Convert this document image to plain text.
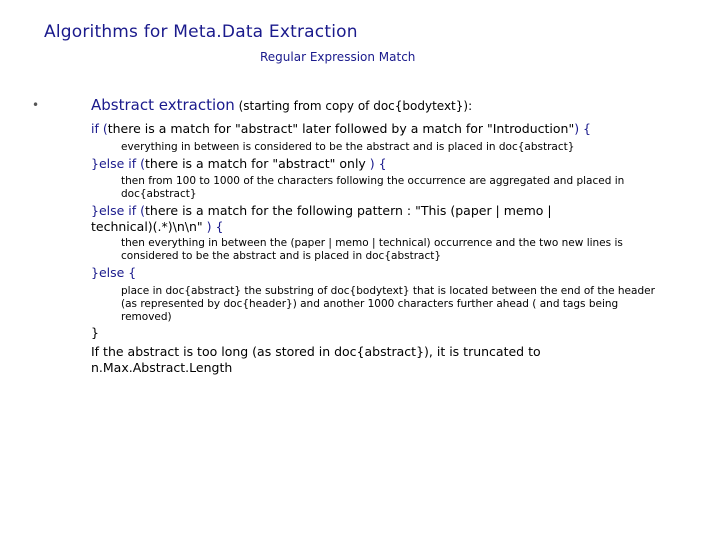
Algorithms for Meta.Data Extraction
Regular Expression Match
•	Abstract extraction (starting from copy of doc{bodytext}):
if (there is a match for "abstract" later followed by a match for "Introduction") {
everything in between is considered to be the abstract and is placed in doc{abstract}
}else if (there is a match for "abstract" only ) {
then from 100 to 1000 of the characters following the occurrence are aggregated and placed in doc{abstract}
}else if (there is a match for the following pattern : "This (paper | memo | technical)(.*)\n\n" ) {
then everything in between the (paper | memo | technical) occurrence and the two new lines is considered to be the abstract and is placed in doc{abstract}
}else {
place in doc{abstract} the substring of doc{bodytext} that is located between the end of the header (as represented by doc{header}) and another 1000 characters further ahead ( and tags being removed)
}
If the abstract is too long (as stored in doc{abstract}), it is truncated to n.Max.Abstract.Length
